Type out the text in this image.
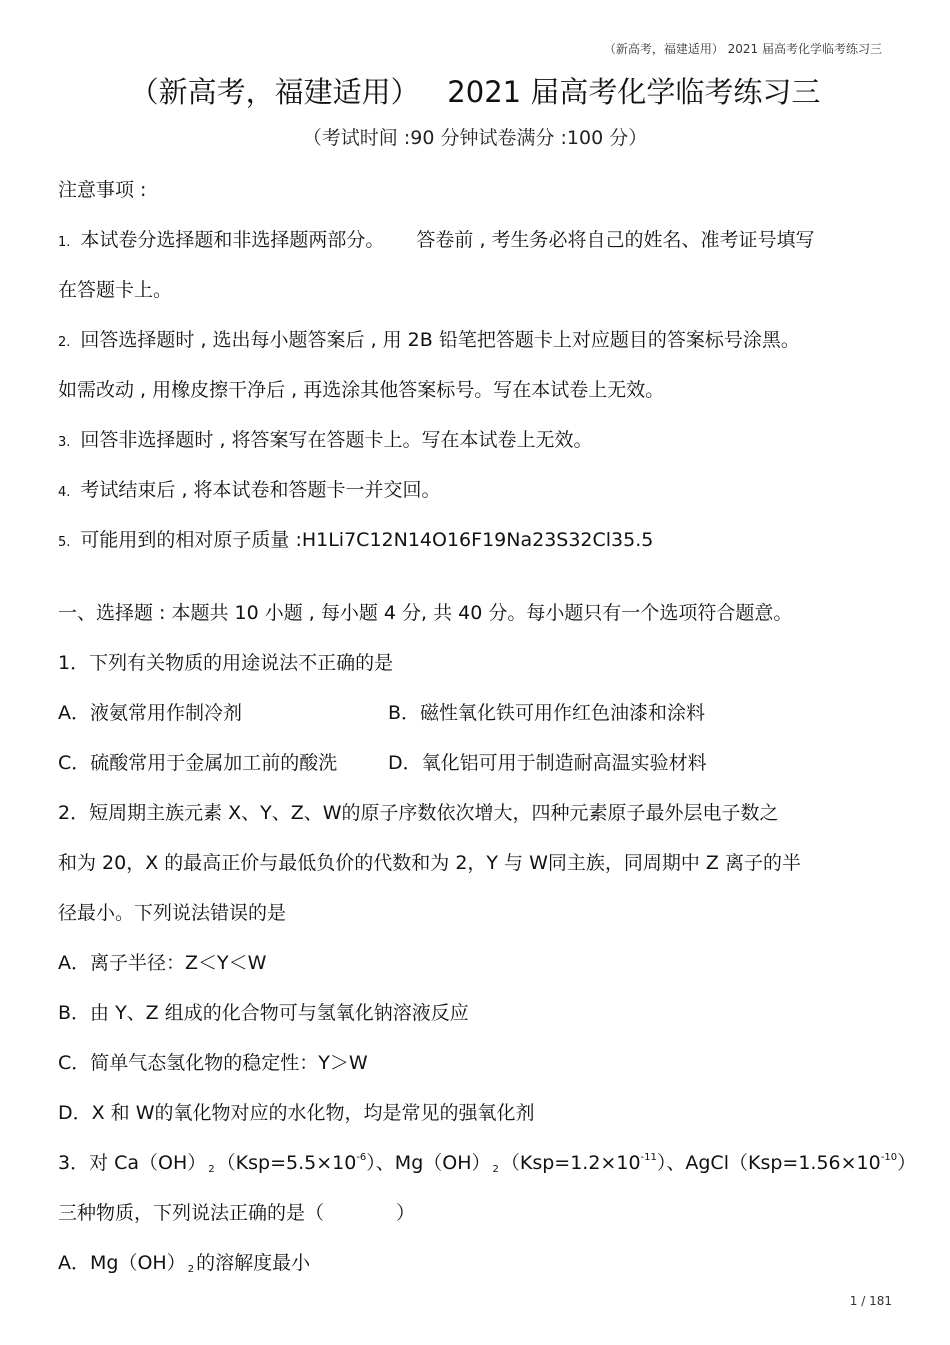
（新高考，福建适用） 2021 届高考化学临考练习三
（新高考，福建适用）   2021 届高考化学临考练习三
（考试时间 :90 分钟试卷满分 :100 分）
注意事项 :
1. 本试卷分选择题和非选择题两部分。 答卷前 , 考生务必将自己的姓名、准考证号填写
在答题卡上。
2. 回答选择题时 , 选出每小题答案后 , 用 2B 铅笔把答题卡上对应题目的答案标号涂黑。
如需改动 , 用橡皮擦干净后 , 再选涂其他答案标号。写在本试卷上无效。
3. 回答非选择题时 , 将答案写在答题卡上。写在本试卷上无效。
4. 考试结束后 , 将本试卷和答题卡一并交回。
5. 可能用到的相对原子质量 :H1Li7C12N14O16F19Na23S32Cl35.5
一、选择题 : 本题共 10 小题 , 每小题 4 分, 共 40 分。每小题只有一个选项符合题意。
1．下列有关物质的用途说法不正确的是
A．液氨常用作制冷剂	B．磁性氧化铁可用作红色油漆和涂料
C．硫酸常用于金属加工前的酸洗	D．氧化铝可用于制造耐高温实验材料
2．短周期主族元素 X、Y、Z、W的原子序数依次增大，四种元素原子最外层电子数之
和为 20，X 的最高正价与最低负价的代数和为 2，Y 与 W同主族，同周期中 Z 离子的半
径最小。下列说法错误的是
A．离子半径：Z＜Y＜W
B．由 Y、Z 组成的化合物可与氢氧化钠溶液反应
C．简单气态氢化物的稳定性：Y＞W
D．X 和 W的氧化物对应的水化物，均是常见的强氧化剂
3．对 Ca（OH） 2 $(Ksp=5.5\times 10^{-6})$、Mg（OH） 2 $(Ksp=1.2\times 10^{-11})$、$AgCl(Ksp=1.56\times 10^{-10})$
三种物质，下列说法正确的是（	）
A．Mg（OH） 2 的溶解度最小
1 / 181
